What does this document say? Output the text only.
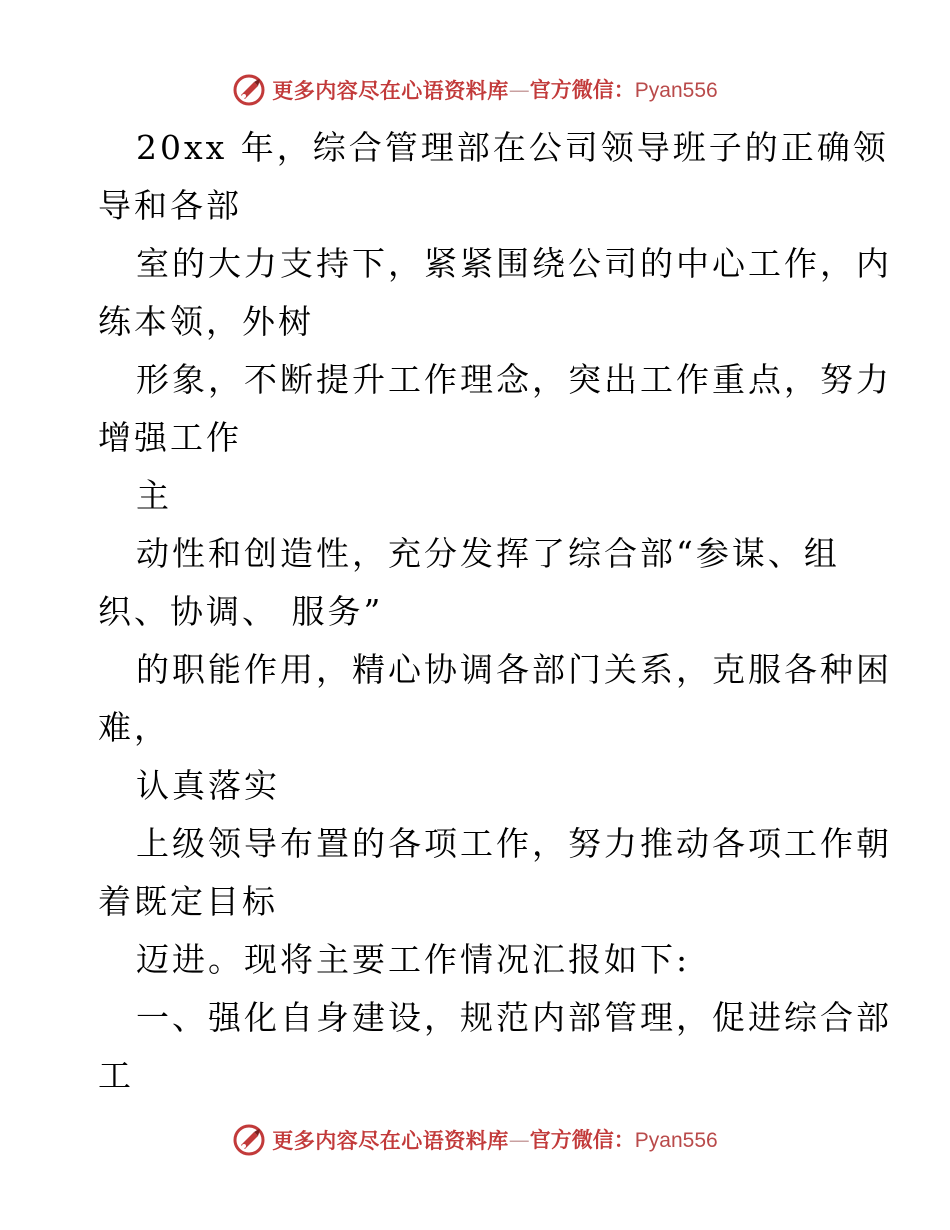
更多内容尽在心语资料库 — 官方微信： Pyan556
20xx 年，综合管理部在公司领导班子的正确领
导和各部
室的大力支持下，紧紧围绕公司的中心工作，内
练本领，外树
形象，不断提升工作理念，突出工作重点，努力
增强工作
主
动性和创造性，充分发挥了综合部“参谋、组
织、协调、 服务”
的职能作用，精心协调各部门关系，克服各种困
难，
认真落实
上级领导布置的各项工作，努力推动各项工作朝
着既定目标
迈进。现将主要工作情况汇报如下:
一、强化自身建设，规范内部管理，促进综合部
工
更多内容尽在心语资料库 — 官方微信： Pyan556
